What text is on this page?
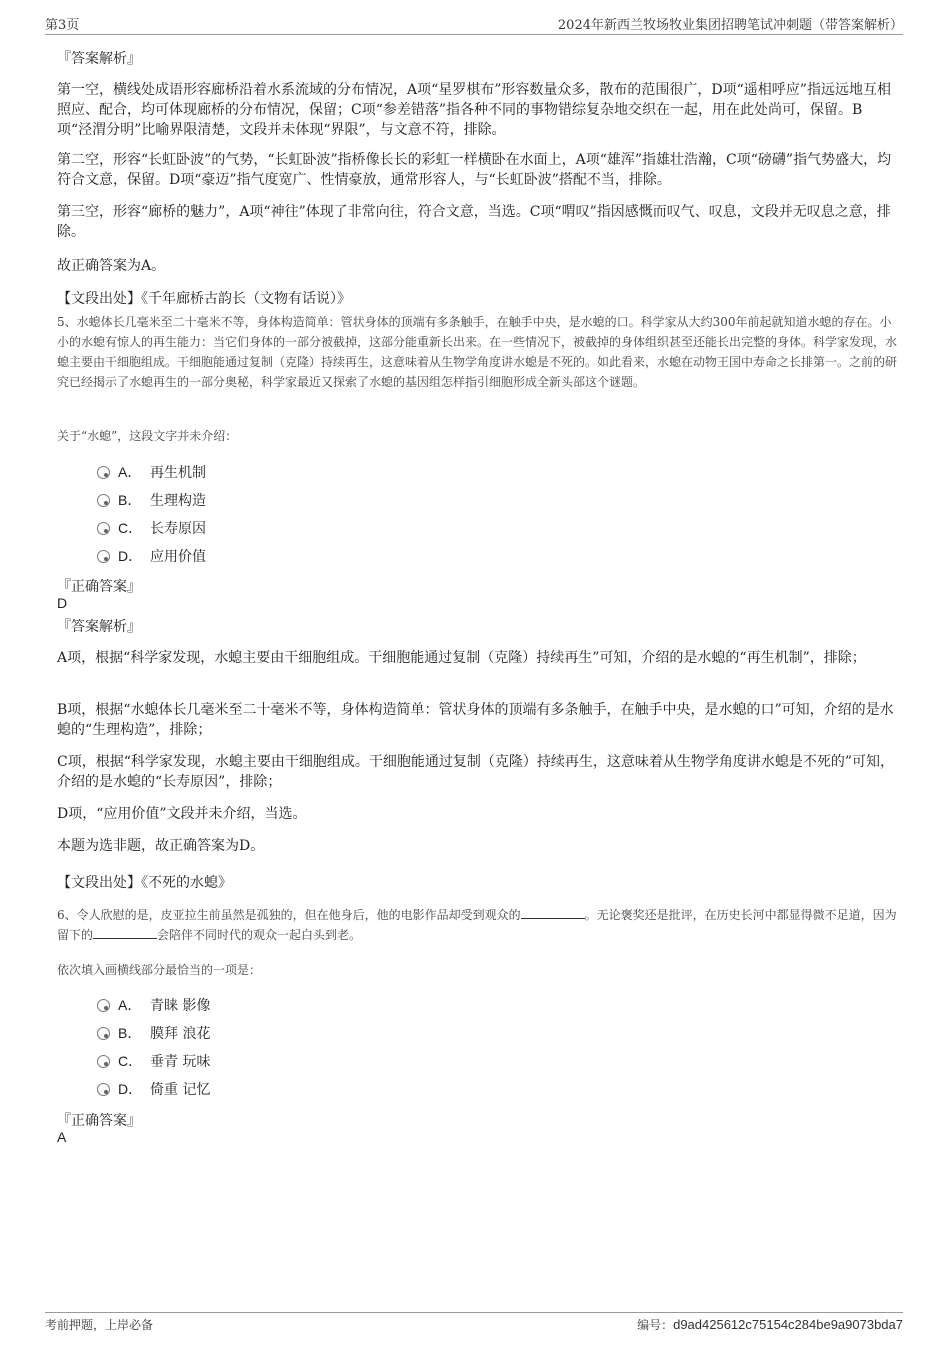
第3页	2024年新西兰牧场牧业集团招聘笔试冲刺题（带答案解析）
『答案解析』

第一空，横线处成语形容廊桥沿着水系流域的分布情况，A项“星罗棋布”形容数量众多，散布的范围很广，D项“遥相呼应”指远远地互相照应、配合，均可体现廊桥的分布情况，保留；C项“参差错落”指各种不同的事物错综复杂地交织在一起，用在此处尚可，保留。B项“泾渭分明”比喻界限清楚，文段并未体现“界限”，与文意不符，排除。

第二空，形容“长虹卧波”的气势，“长虹卧波”指桥像长长的彩虹一样横卧在水面上，A项“雄浑”指雄壮浩瀚，C项“磅礴”指气势盛大，均符合文意，保留。D项“豪迈”指气度宽广、性情豪放，通常形容人，与“长虹卧波”搭配不当，排除。

第三空，形容“廊桥的魅力”，A项“神往”体现了非常向往，符合文意，当选。C项“喟叹”指因感慨而叹气、叹息，文段并无叹息之意，排除。

故正确答案为A。

【文段出处】《千年廊桥古韵长（文物有话说）》

5、水螅体长几毫米至二十毫米不等，身体构造简单：管状身体的顶端有多条触手，在触手中央，是水螅的口。科学家从大约300年前起就知道水螅的存在。小小的水螅有惊人的再生能力：当它们身体的一部分被截掉，这部分能重新长出来。在一些情况下，被截掉的身体组织甚至还能长出完整的身体。科学家发现，水螅主要由干细胞组成。干细胞能通过复制（克隆）持续再生，这意味着从生物学角度讲水螅是不死的。如此看来，水螅在动物王国中寿命之长排第一。之前的研究已经揭示了水螅再生的一部分奥秘，科学家最近又探索了水螅的基因组怎样指引细胞形成全新头部这个谜题。

关于“水螅”，这段文字并未介绍：

A． 再生机制
B． 生理构造
C． 长寿原因
D． 应用价值
『正确答案』
D
『答案解析』

A项，根据“科学家发现，水螅主要由干细胞组成。干细胞能通过复制（克隆）持续再生”可知，介绍的是水螅的“再生机制”，排除；

B项，根据“水螅体长几毫米至二十毫米不等，身体构造简单：管状身体的顶端有多条触手，在触手中央，是水螅的口”可知，介绍的是水螅的“生理构造”，排除；

C项，根据“科学家发现，水螅主要由干细胞组成。干细胞能通过复制（克隆）持续再生，这意味着从生物学角度讲水螅是不死的”可知，介绍的是水螅的“长寿原因”，排除；

D项，“应用价值”文段并未介绍，当选。

本题为选非题，故正确答案为D。

【文段出处】《不死的水螅》

6、令人欣慰的是，皮亚拉生前虽然是孤独的，但在他身后，他的电影作品却受到观众的	。无论褒奖还是批评，在历史长河中都显得微不足道，因为留下的	会陪伴不同时代的观众一起白头到老。

依次填入画横线部分最恰当的一项是：

A． 青睐 影像
B． 膜拜 浪花
C． 垂青 玩味
D． 倚重 记忆
『正确答案』
A
考前押题，上岸必备	编号：d9ad425612c75154c284be9a9073bda7
